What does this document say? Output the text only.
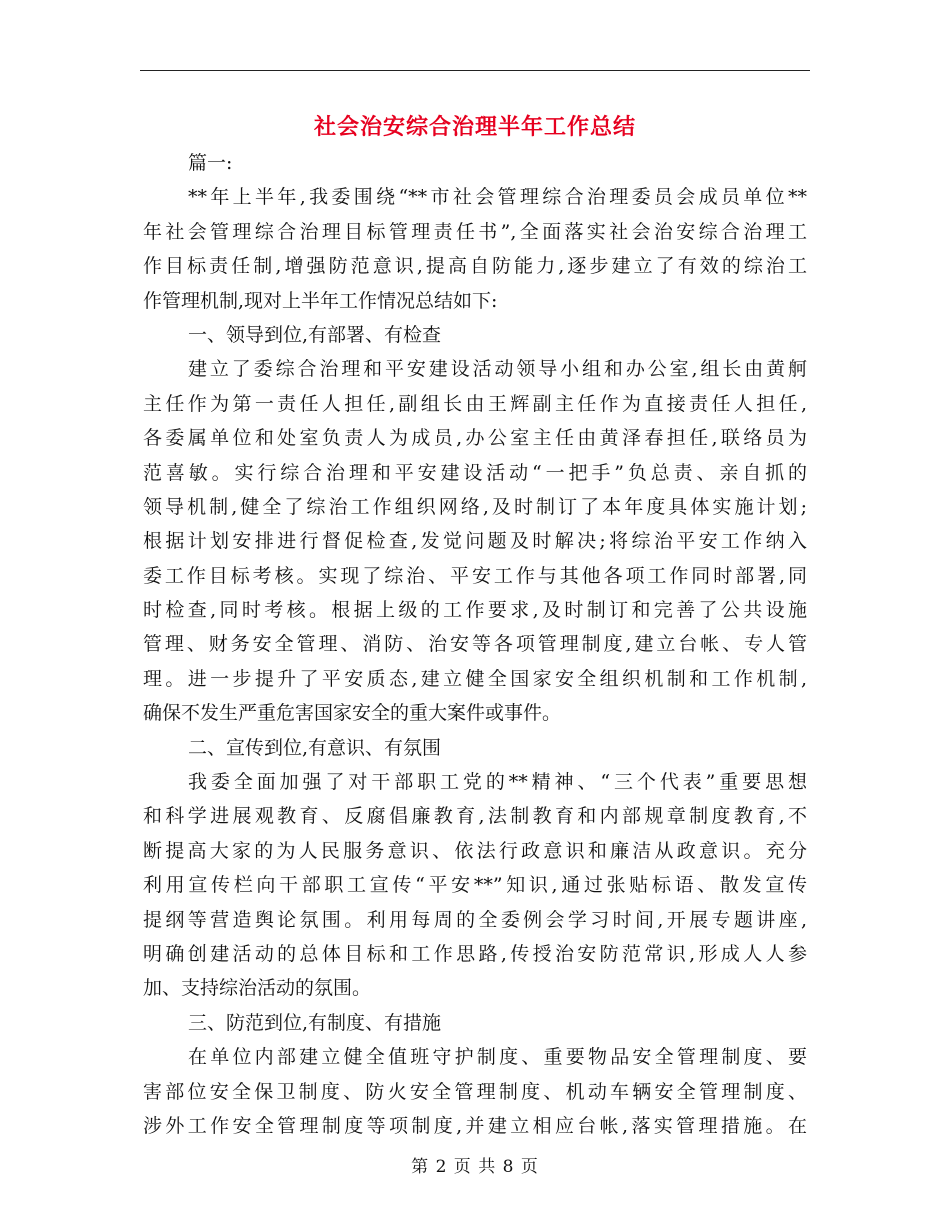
社会治安综合治理半年工作总结
篇一:
**年上半年,我委围绕“**市社会管理综合治理委员会成员单位**
年社会管理综合治理目标管理责任书”,全面落实社会治安综合治理工
作目标责任制,增强防范意识,提高自防能力,逐步建立了有效的综治工
作管理机制,现对上半年工作情况总结如下:
一、领导到位,有部署、有检查
建立了委综合治理和平安建设活动领导小组和办公室,组长由黄舸
主任作为第一责任人担任,副组长由王辉副主任作为直接责任人担任,
各委属单位和处室负责人为成员,办公室主任由黄泽春担任,联络员为
范喜敏。实行综合治理和平安建设活动“一把手”负总责、亲自抓的
领导机制,健全了综治工作组织网络,及时制订了本年度具体实施计划;
根据计划安排进行督促检查,发觉问题及时解决;将综治平安工作纳入
委工作目标考核。实现了综治、平安工作与其他各项工作同时部署,同
时检查,同时考核。根据上级的工作要求,及时制订和完善了公共设施
管理、财务安全管理、消防、治安等各项管理制度,建立台帐、专人管
理。进一步提升了平安质态,建立健全国家安全组织机制和工作机制,
确保不发生严重危害国家安全的重大案件或事件。
二、宣传到位,有意识、有氛围
我委全面加强了对干部职工党的**精神、“三个代表”重要思想
和科学进展观教育、反腐倡廉教育,法制教育和内部规章制度教育,不
断提高大家的为人民服务意识、依法行政意识和廉洁从政意识。充分
利用宣传栏向干部职工宣传“平安**”知识,通过张贴标语、散发宣传
提纲等营造舆论氛围。利用每周的全委例会学习时间,开展专题讲座,
明确创建活动的总体目标和工作思路,传授治安防范常识,形成人人参
加、支持综治活动的氛围。
三、防范到位,有制度、有措施
在单位内部建立健全值班守护制度、重要物品安全管理制度、要
害部位安全保卫制度、防火安全管理制度、机动车辆安全管理制度、
涉外工作安全管理制度等项制度,并建立相应台帐,落实管理措施。在
第 2 页 共 8 页
